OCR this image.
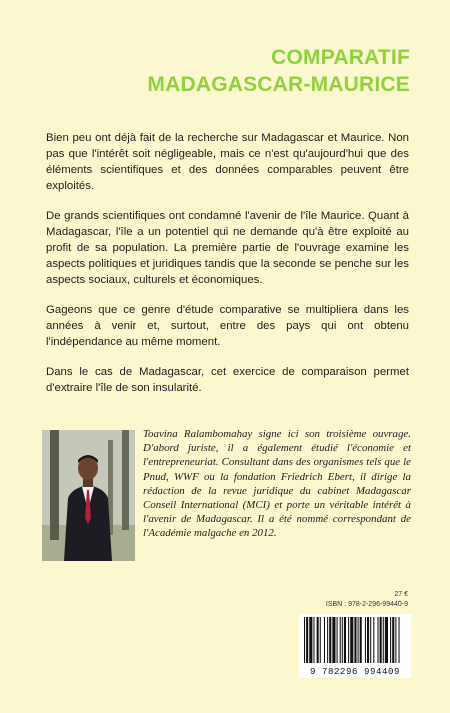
COMPARATIF
MADAGASCAR-MAURICE

Bien peu ont déjà fait de la recherche sur Madagascar et Maurice. Non pas que l'intérêt soit négligeable, mais ce n'est qu'aujourd'hui que des éléments scientifiques et des données comparables peuvent être exploités.

De grands scientifiques ont condamné l'avenir de l'île Maurice. Quant à Madagascar, l'île a un potentiel qui ne demande qu'à être exploité au profit de sa population. La première partie de l'ouvrage examine les aspects politiques et juridiques tandis que la seconde se penche sur les aspects sociaux, culturels et économiques.

Gageons que ce genre d'étude comparative se multipliera dans les années à venir et, surtout, entre des pays qui ont obtenu l'indépendance au même moment.

Dans le cas de Madagascar, cet exercice de comparaison permet d'extraire l'île de son insularité.

Toavina Ralambomahay signe ici son troisième ouvrage. D'abord juriste, il a également étudié l'économie et l'entrepreneuriat. Consultant dans des organismes tels que le Pnud, WWF ou la fondation Friedrich Ebert, il dirige la rédaction de la revue juridique du cabinet Madagascar Conseil International (MCI) et porte un véritable intérêt à l'avenir de Madagascar. Il a été nommé correspondant de l'Académie malgache en 2012.
27 €
ISBN : 978-2-296-99440-9
9 782296 994409
